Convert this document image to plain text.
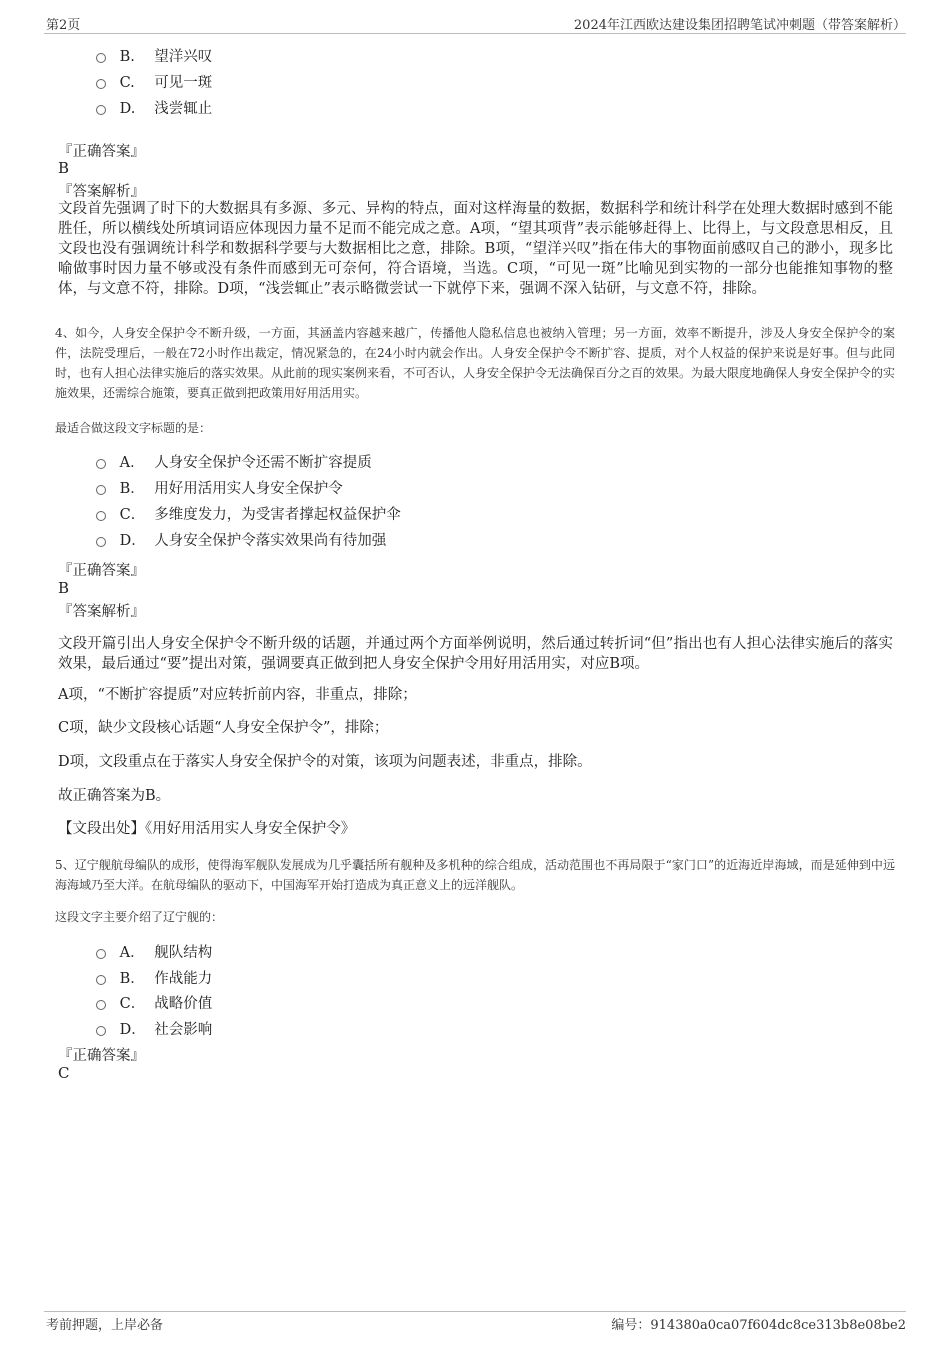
第2页	2024年江西欧达建设集团招聘笔试冲刺题（带答案解析）
B. 望洋兴叹
C. 可见一斑
D. 浅尝辄止
『正确答案』
B
『答案解析』
文段首先强调了时下的大数据具有多源、多元、异构的特点，面对这样海量的数据，数据科学和统计科学在处理大数据时感到不能胜任，所以横线处所填词语应体现因力量不足而不能完成之意。A项，“望其项背”表示能够赶得上、比得上，与文段意思相反，且文段也没有强调统计科学和数据科学要与大数据相比之意，排除。B项，“望洋兴叹”指在伟大的事物面前感叹自己的渺小，现多比喻做事时因力量不够或没有条件而感到无可奈何，符合语境，当选。C项，“可见一斑”比喻见到实物的一部分也能推知事物的整体，与文意不符，排除。D项，“浅尝辄止”表示略微尝试一下就停下来，强调不深入钻研，与文意不符，排除。
4、如今，人身安全保护令不断升级，一方面，其涵盖内容越来越广，传播他人隐私信息也被纳入管理；另一方面，效率不断提升，涉及人身安全保护令的案件，法院受理后，一般在72小时作出裁定，情况紧急的，在24小时内就会作出。人身安全保护令不断扩容、提质，对个人权益的保护来说是好事。但与此同时，也有人担心法律实施后的落实效果。从此前的现实案例来看，不可否认，人身安全保护令无法确保百分之百的效果。为最大限度地确保人身安全保护令的实施效果，还需综合施策，要真正做到把政策用好用活用实。
最适合做这段文字标题的是：
A． 人身安全保护令还需不断扩容提质
B． 用好用活用实人身安全保护令
C． 多维度发力，为受害者撑起权益保护伞
D． 人身安全保护令落实效果尚有待加强
『正确答案』
B
『答案解析』
文段开篇引出人身安全保护令不断升级的话题，并通过两个方面举例说明，然后通过转折词“但”指出也有人担心法律实施后的落实效果，最后通过“要”提出对策，强调要真正做到把人身安全保护令用好用活用实，对应B项。
A项，“不断扩容提质”对应转折前内容，非重点，排除；
C项，缺少文段核心话题“人身安全保护令”，排除；
D项，文段重点在于落实人身安全保护令的对策，该项为问题表述，非重点，排除。
故正确答案为B。
【文段出处】《用好用活用实人身安全保护令》
5、辽宁舰航母编队的成形，使得海军舰队发展成为几乎囊括所有舰种及多机种的综合组成，活动范围也不再局限于“家门口”的近海近岸海域，而是延伸到中远海海域乃至大洋。在航母编队的驱动下，中国海军开始打造成为真正意义上的远洋舰队。
这段文字主要介绍了辽宁舰的：
A． 舰队结构
B． 作战能力
C． 战略价值
D． 社会影响
『正确答案』
C
考前押题，上岸必备	编号：914380a0ca07f604dc8ce313b8e08be2
